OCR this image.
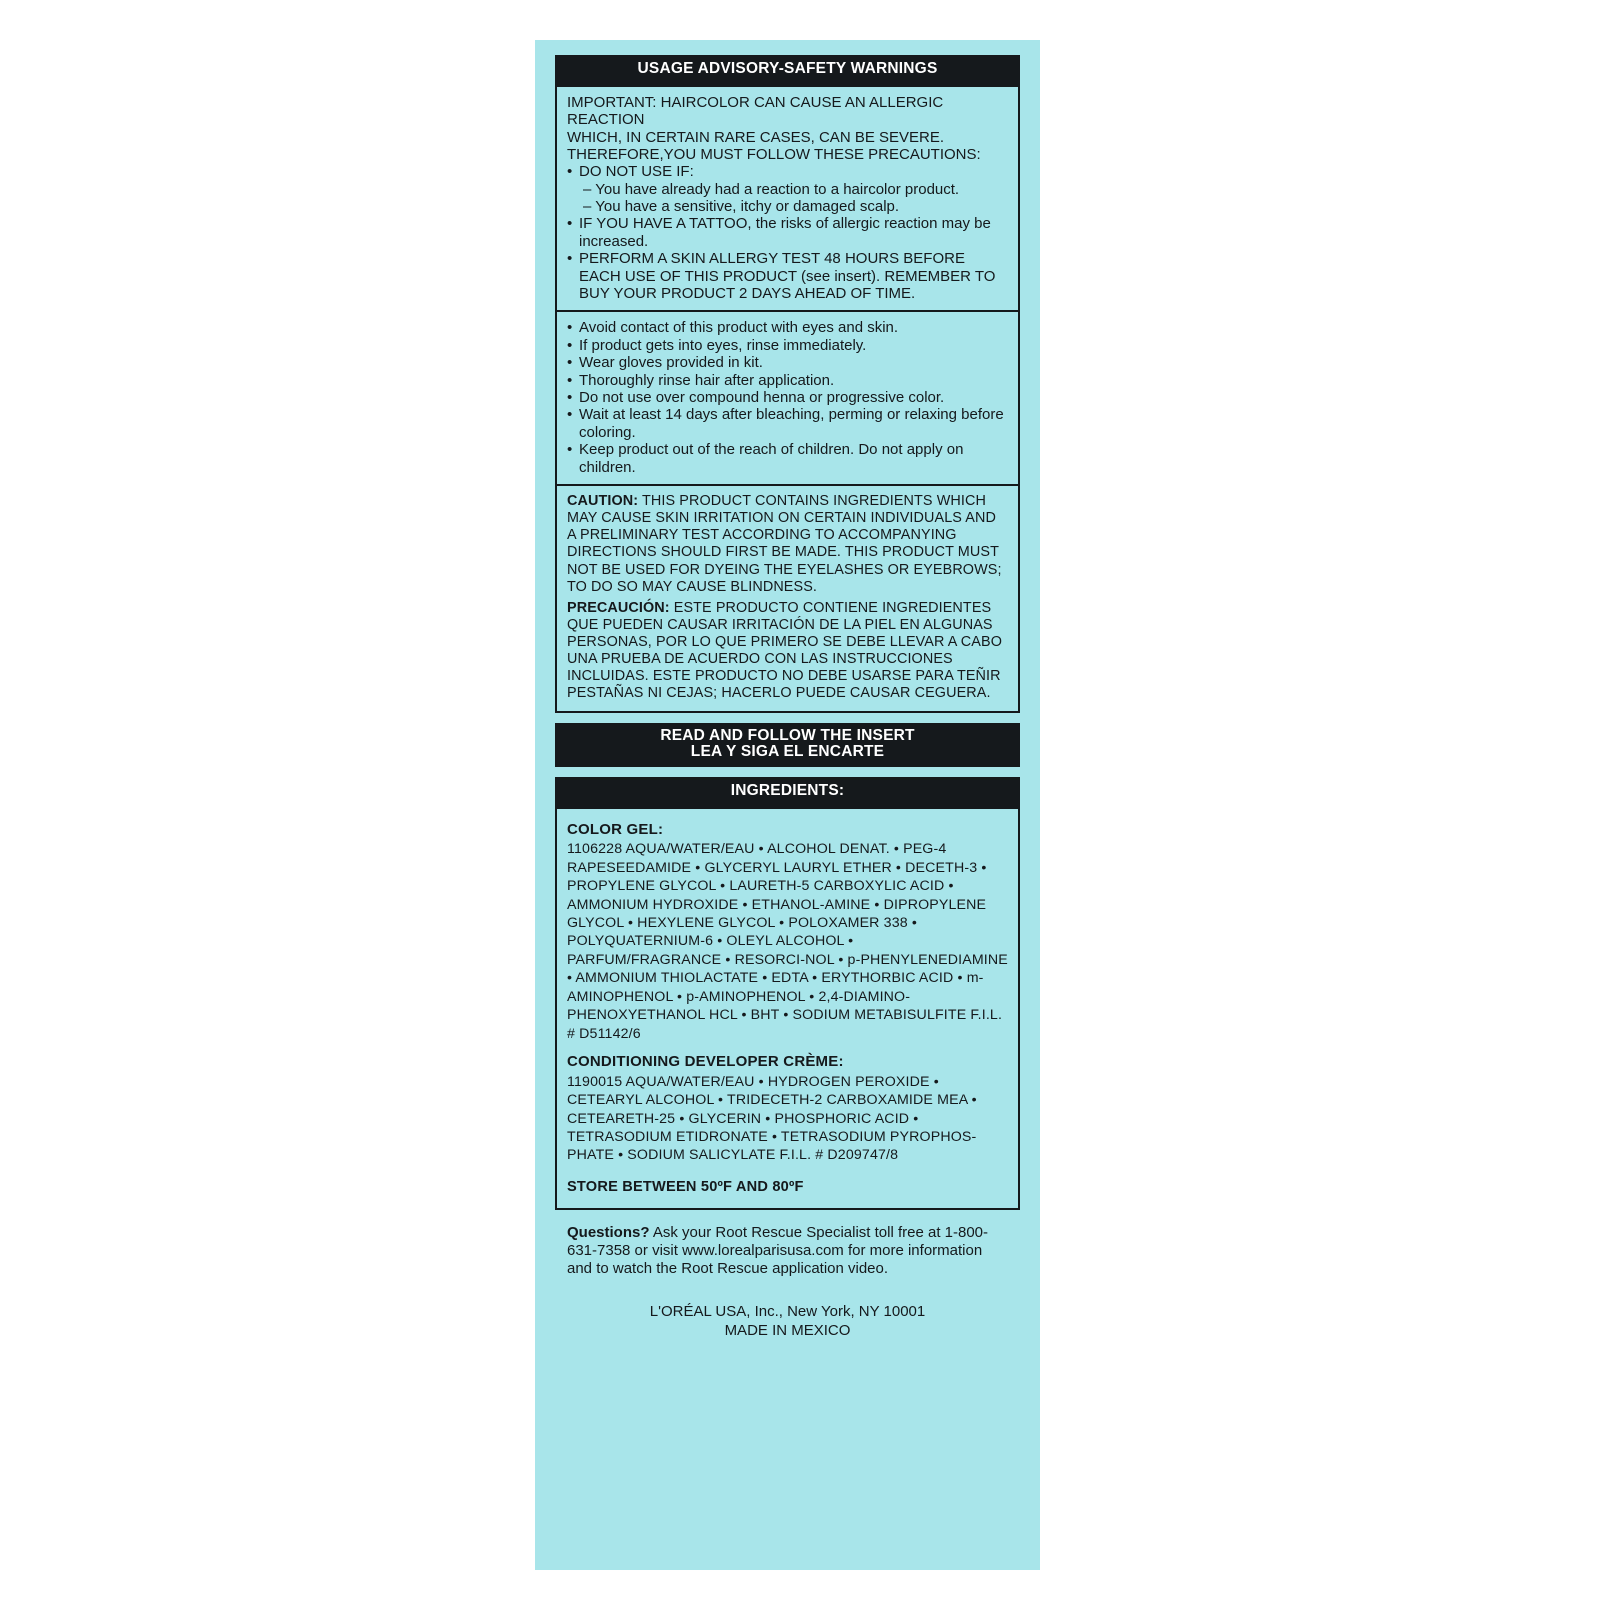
USAGE ADVISORY-SAFETY WARNINGS
IMPORTANT: HAIRCOLOR CAN CAUSE AN ALLERGIC REACTION
WHICH, IN CERTAIN RARE CASES, CAN BE SEVERE.
THEREFORE,YOU MUST FOLLOW THESE PRECAUTIONS:
• DO NOT USE IF:
– You have already had a reaction to a haircolor product.
– You have a sensitive, itchy or damaged scalp.
• IF YOU HAVE A TATTOO, the risks of allergic reaction may be increased.
• PERFORM A SKIN ALLERGY TEST 48 HOURS BEFORE EACH USE OF THIS PRODUCT (see insert). REMEMBER TO BUY YOUR PRODUCT 2 DAYS AHEAD OF TIME.
• Avoid contact of this product with eyes and skin.
• If product gets into eyes, rinse immediately.
• Wear gloves provided in kit.
• Thoroughly rinse hair after application.
• Do not use over compound henna or progressive color.
• Wait at least 14 days after bleaching, perming or relaxing before coloring.
• Keep product out of the reach of children. Do not apply on children.
CAUTION: THIS PRODUCT CONTAINS INGREDIENTS WHICH MAY CAUSE SKIN IRRITATION ON CERTAIN INDIVIDUALS AND A PRELIMINARY TEST ACCORDING TO ACCOMPANYING DIRECTIONS SHOULD FIRST BE MADE. THIS PRODUCT MUST NOT BE USED FOR DYEING THE EYELASHES OR EYEBROWS; TO DO SO MAY CAUSE BLINDNESS.
PRECAUCIÓN: ESTE PRODUCTO CONTIENE INGREDIENTES QUE PUEDEN CAUSAR IRRITACIÓN DE LA PIEL EN ALGUNAS PERSONAS, POR LO QUE PRIMERO SE DEBE LLEVAR A CABO UNA PRUEBA DE ACUERDO CON LAS INSTRUCCIONES INCLUIDAS. ESTE PRODUCTO NO DEBE USARSE PARA TEÑIR PESTAÑAS NI CEJAS; HACERLO PUEDE CAUSAR CEGUERA.
READ AND FOLLOW THE INSERT
LEA Y SIGA EL ENCARTE
INGREDIENTS:
COLOR GEL:
1106228 AQUA/WATER/EAU • ALCOHOL DENAT. • PEG-4 RAPESEEDAMIDE • GLYCERYL LAURYL ETHER • DECETH-3 • PROPYLENE GLYCOL • LAURETH-5 CARBOXYLIC ACID • AMMONIUM HYDROXIDE • ETHANOL-AMINE • DIPROPYLENE GLYCOL • HEXYLENE GLYCOL • POLOXAMER 338 • POLYQUATERNIUM-6 • OLEYL ALCOHOL • PARFUM/FRAGRANCE • RESORCI-NOL • p-PHENYLENEDIAMINE • AMMONIUM THIOLACTATE • EDTA • ERYTHORBIC ACID • m-AMINOPHENOL • p-AMINOPHENOL • 2,4-DIAMINO-PHENOXYETHANOL HCL • BHT • SODIUM METABISULFITE F.I.L. # D51142/6
CONDITIONING DEVELOPER CRÈME:
1190015 AQUA/WATER/EAU • HYDROGEN PEROXIDE • CETEARYL ALCOHOL • TRIDECETH-2 CARBOXAMIDE MEA • CETEARETH-25 • GLYCERIN • PHOSPHORIC ACID • TETRASODIUM ETIDRONATE • TETRASODIUM PYROPHOS-PHATE • SODIUM SALICYLATE F.I.L. # D209747/8
STORE BETWEEN 50ºF AND 80ºF
Questions? Ask your Root Rescue Specialist toll free at 1-800-631-7358 or visit www.lorealparisusa.com for more information and to watch the Root Rescue application video.
L'ORÉAL USA, Inc., New York, NY 10001
MADE IN MEXICO
